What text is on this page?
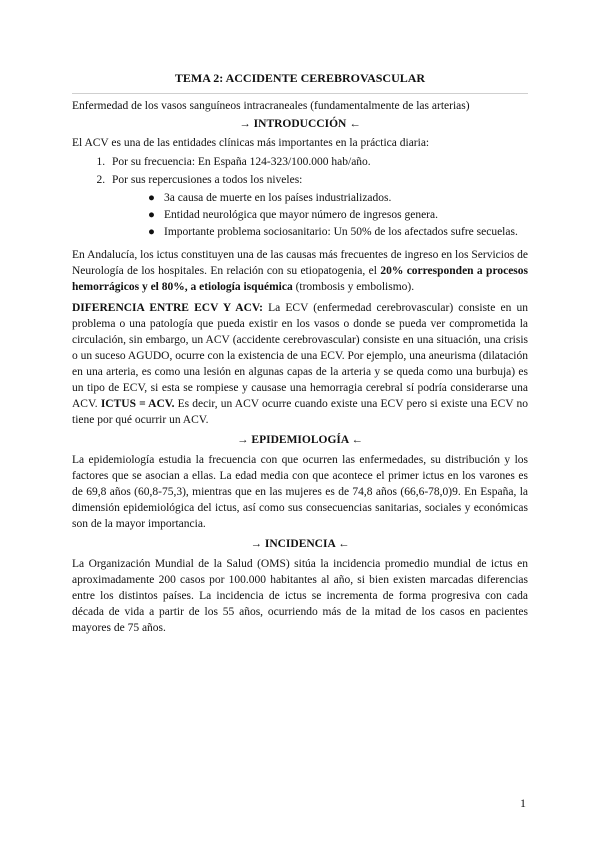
TEMA 2: ACCIDENTE CEREBROVASCULAR

Enfermedad de los vasos sanguíneos intracraneales (fundamentalmente de las arterias)

→ INTRODUCCIÓN ←

El ACV es una de las entidades clínicas más importantes en la práctica diaria:

1. Por su frecuencia: En España 124-323/100.000 hab/año.
2. Por sus repercusiones a todos los niveles:
● 3a causa de muerte en los países industrializados.
● Entidad neurológica que mayor número de ingresos genera.
● Importante problema sociosanitario: Un 50% de los afectados sufre secuelas.

En Andalucía, los ictus constituyen una de las causas más frecuentes de ingreso en los Servicios de Neurología de los hospitales. En relación con su etiopatogenia, el 20% corresponden a procesos hemorrágicos y el 80%, a etiología isquémica (trombosis y embolismo).

DIFERENCIA ENTRE ECV Y ACV: La ECV (enfermedad cerebrovascular) consiste en un problema o una patología que pueda existir en los vasos o donde se pueda ver comprometida la circulación, sin embargo, un ACV (accidente cerebrovascular) consiste en una situación, una crisis o un suceso AGUDO, ocurre con la existencia de una ECV. Por ejemplo, una aneurisma (dilatación en una arteria, es como una lesión en algunas capas de la arteria y se queda como una burbuja) es un tipo de ECV, si esta se rompiese y causase una hemorragia cerebral sí podría considerarse una ACV. ICTUS = ACV. Es decir, un ACV ocurre cuando existe una ECV pero si existe una ECV no tiene por qué ocurrir un ACV.

→ EPIDEMIOLOGÍA ←

La epidemiología estudia la frecuencia con que ocurren las enfermedades, su distribución y los factores que se asocian a ellas. La edad media con que acontece el primer ictus en los varones es de 69,8 años (60,8-75,3), mientras que en las mujeres es de 74,8 años (66,6-78,0)9. En España, la dimensión epidemiológica del ictus, así como sus consecuencias sanitarias, sociales y económicas son de la mayor importancia.

→ INCIDENCIA ←

La Organización Mundial de la Salud (OMS) sitúa la incidencia promedio mundial de ictus en aproximadamente 200 casos por 100.000 habitantes al año, si bien existen marcadas diferencias entre los distintos países. La incidencia de ictus se incrementa de forma progresiva con cada década de vida a partir de los 55 años, ocurriendo más de la mitad de los casos en pacientes mayores de 75 años.

1
